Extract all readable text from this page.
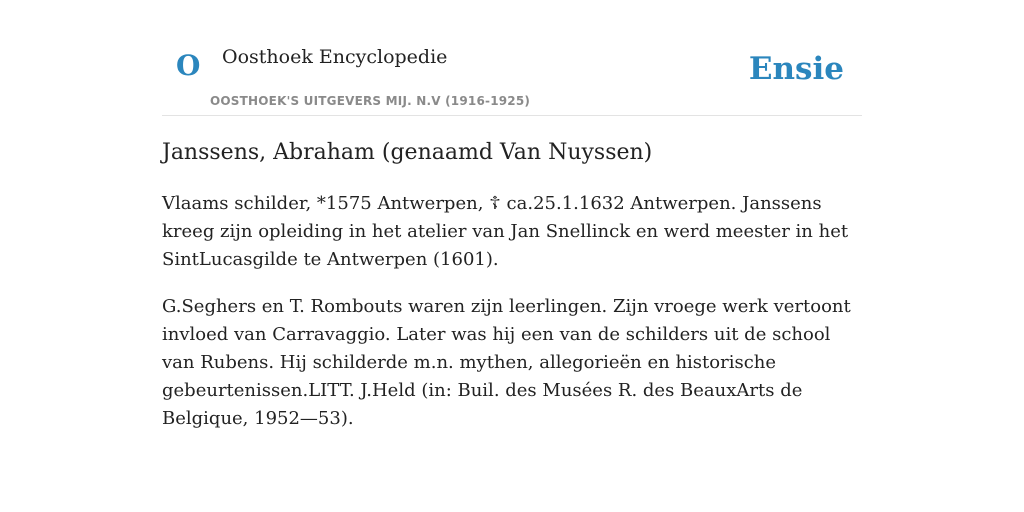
O Oosthoek Encyclopedie
OOSTHOEK'S UITGEVERS MIJ. N.V (1916-1925)
Ensie
Janssens, Abraham (genaamd Van Nuyssen)

Vlaams schilder, *1575 Antwerpen, ☦ ca.25.1.1632 Antwerpen. Janssens kreeg zijn opleiding in het atelier van Jan Snellinck en werd meester in het SintLucasgilde te Antwerpen (1601).

G.Seghers en T. Rombouts waren zijn leerlingen. Zijn vroege werk vertoont invloed van Carravaggio. Later was hij een van de schilders uit de school van Rubens. Hij schilderde m.n. mythen, allegorieën en historische gebeurtenissen.LITT. J.Held (in: Buil. des Musées R. des BeauxArts de Belgique, 1952—53).
